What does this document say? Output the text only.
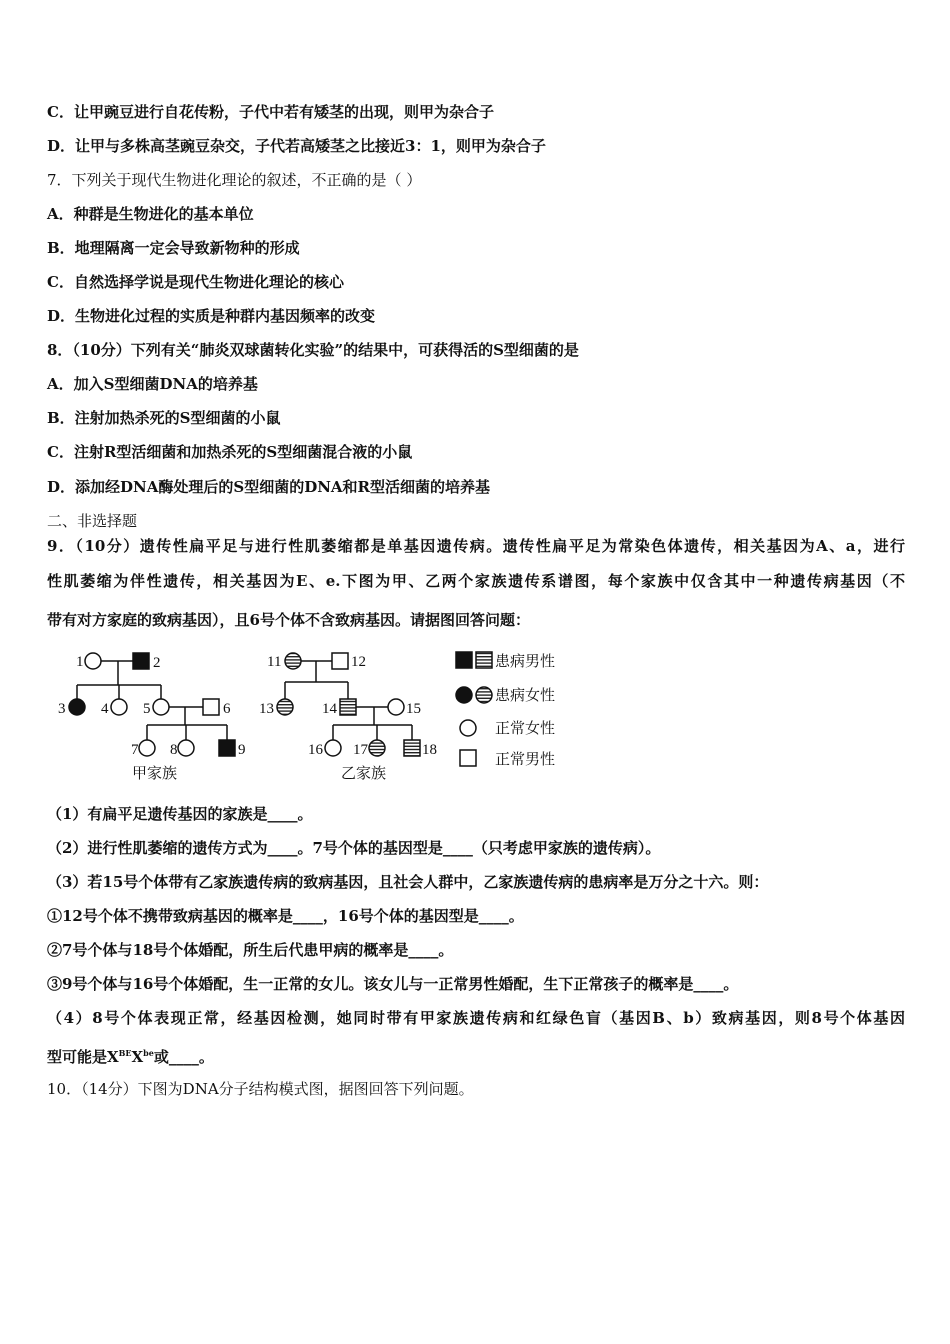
C．让甲豌豆进行自花传粉，子代中若有矮茎的出现，则甲为杂合子
D．让甲与多株高茎豌豆杂交，子代若高矮茎之比接近3：1，则甲为杂合子
7．下列关于现代生物进化理论的叙述，不正确的是（ ）
A．种群是生物进化的基本单位
B．地理隔离一定会导致新物种的形成
C．自然选择学说是现代生物进化理论的核心
D．生物进化过程的实质是种群内基因频率的改变
8．（10分）下列有关“肺炎双球菌转化实验”的结果中，可获得活的S型细菌的是
A．加入S型细菌DNA的培养基
B．注射加热杀死的S型细菌的小鼠
C．注射R型活细菌和加热杀死的S型细菌混合液的小鼠
D．添加经DNA酶处理后的S型细菌的DNA和R型活细菌的培养基
二、非选择题
9．（10分）遗传性扁平足与进行性肌萎缩都是单基因遗传病。遗传性扁平足为常染色体遗传，相关基因为A、a，进行
性肌萎缩为伴性遗传，相关基因为E、e.下图为甲、乙两个家族遗传系谱图，每个家族中仅含其中一种遗传病基因（不
带有对方家庭的致病基因），且6号个体不含致病基因。请据图回答问题：
1	2
3 4 5	6
7 8	9
11	12
13	14	15
16 17	18
甲家族	乙家族
患病男性
患病女性
正常女性
正常男性
（1）有扁平足遗传基因的家族是____。
（2）进行性肌萎缩的遗传方式为____。7号个体的基因型是____（只考虑甲家族的遗传病）。
（3）若15号个体带有乙家族遗传病的致病基因，且社会人群中，乙家族遗传病的患病率是万分之十六。则：
①12号个体不携带致病基因的概率是____，16号个体的基因型是____。
②7号个体与18号个体婚配，所生后代患甲病的概率是____。
③9号个体与16号个体婚配，生一正常的女儿。该女儿与一正常男性婚配，生下正常孩子的概率是____。
（4）8号个体表现正常，经基因检测，她同时带有甲家族遗传病和红绿色盲（基因B、b）致病基因，则8号个体基因
型可能是$X^{BE}X^{be}$或____。
10．（14分）下图为DNA分子结构模式图，据图回答下列问题。
